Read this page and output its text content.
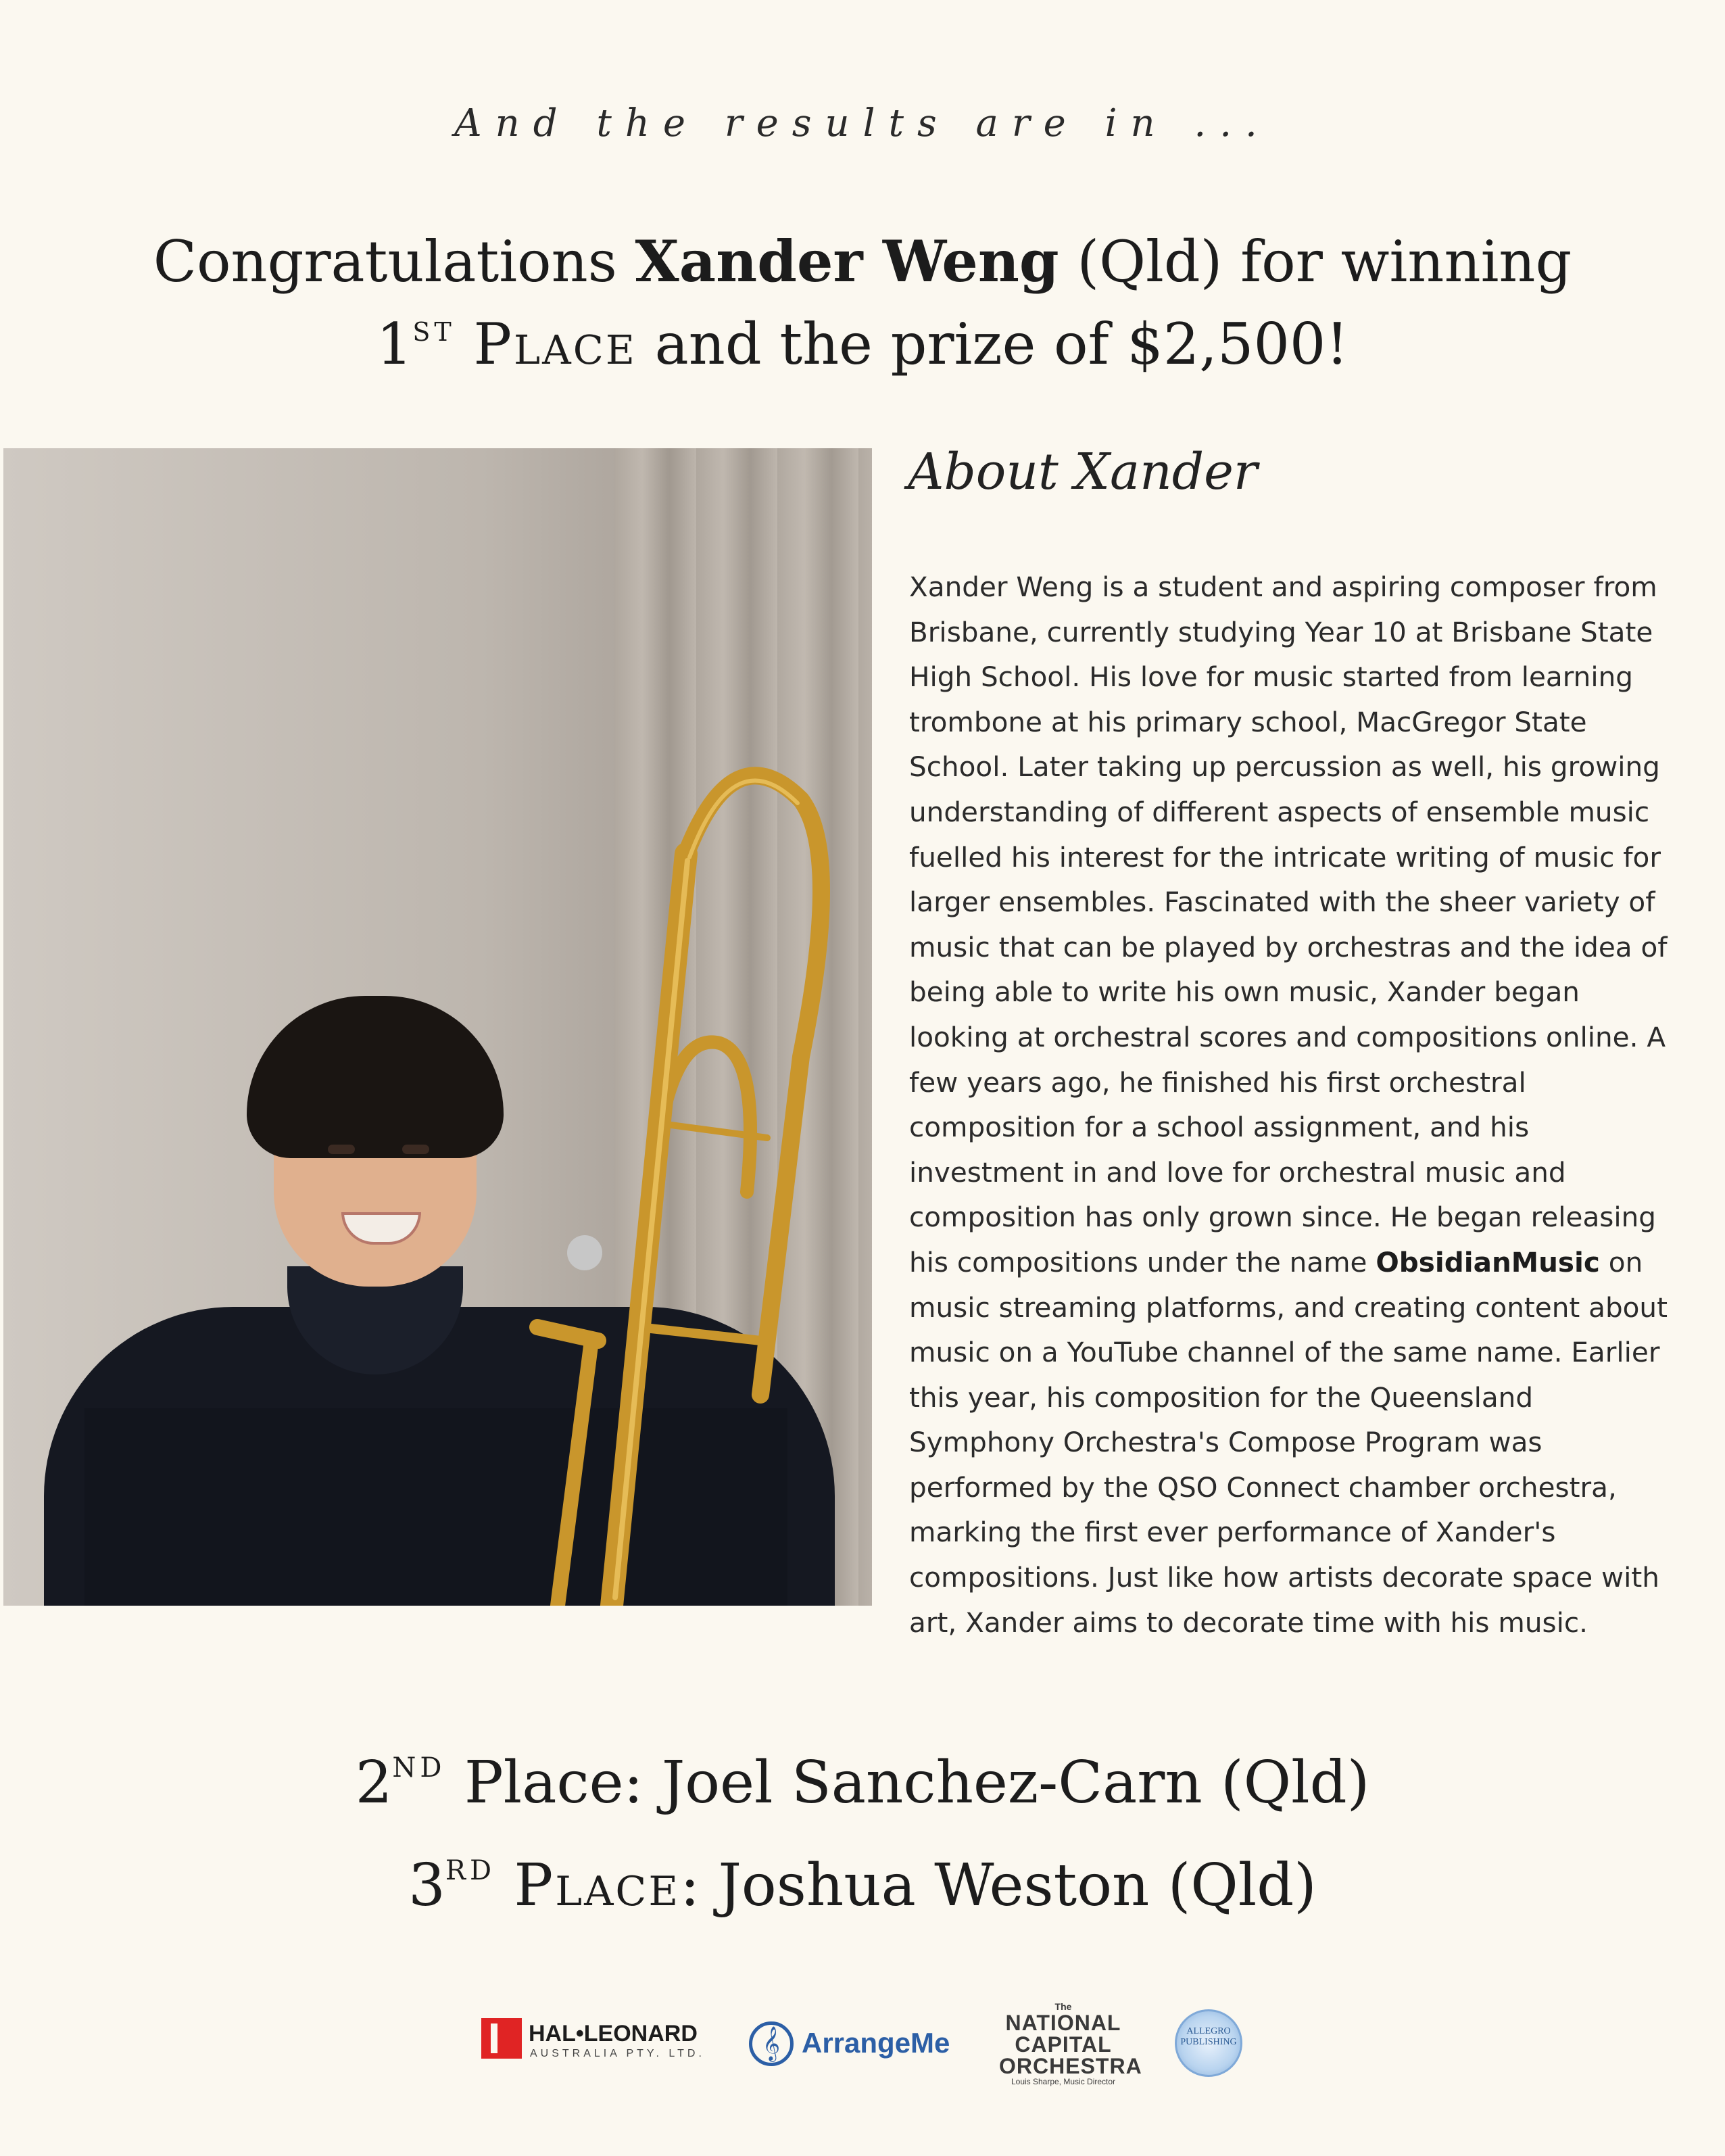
And the results are in ...
Congratulations Xander Weng (Qld) for winning
1ST Place and the prize of $2,500!
About Xander
Xander Weng is a student and aspiring composer from Brisbane, currently studying Year 10 at Brisbane State High School. His love for music started from learning trombone at his primary school, MacGregor State School. Later taking up percussion as well, his growing understanding of different aspects of ensemble music fuelled his interest for the intricate writing of music for larger ensembles. Fascinated with the sheer variety of music that can be played by orchestras and the idea of being able to write his own music, Xander began looking at orchestral scores and compositions online. A few years ago, he finished his first orchestral composition for a school assignment, and his investment in and love for orchestral music and composition has only grown since. He began releasing his compositions under the name ObsidianMusic on music streaming platforms, and creating content about music on a YouTube channel of the same name. Earlier this year, his composition for the Queensland Symphony Orchestra's Compose Program was performed by the QSO Connect chamber orchestra, marking the first ever performance of Xander's compositions. Just like how artists decorate space with art, Xander aims to decorate time with his music.
2ND Place: Joel Sanchez-Carn (Qld)
3RD Place: Joshua Weston (Qld)
HAL•LEONARD
AUSTRALIA PTY. LTD.	𝄞 ArrangeMe
The
NATIONAL
CAPITAL
ORCHESTRA
Louis Sharpe, Music Director
ALLEGRO PUBLISHING
